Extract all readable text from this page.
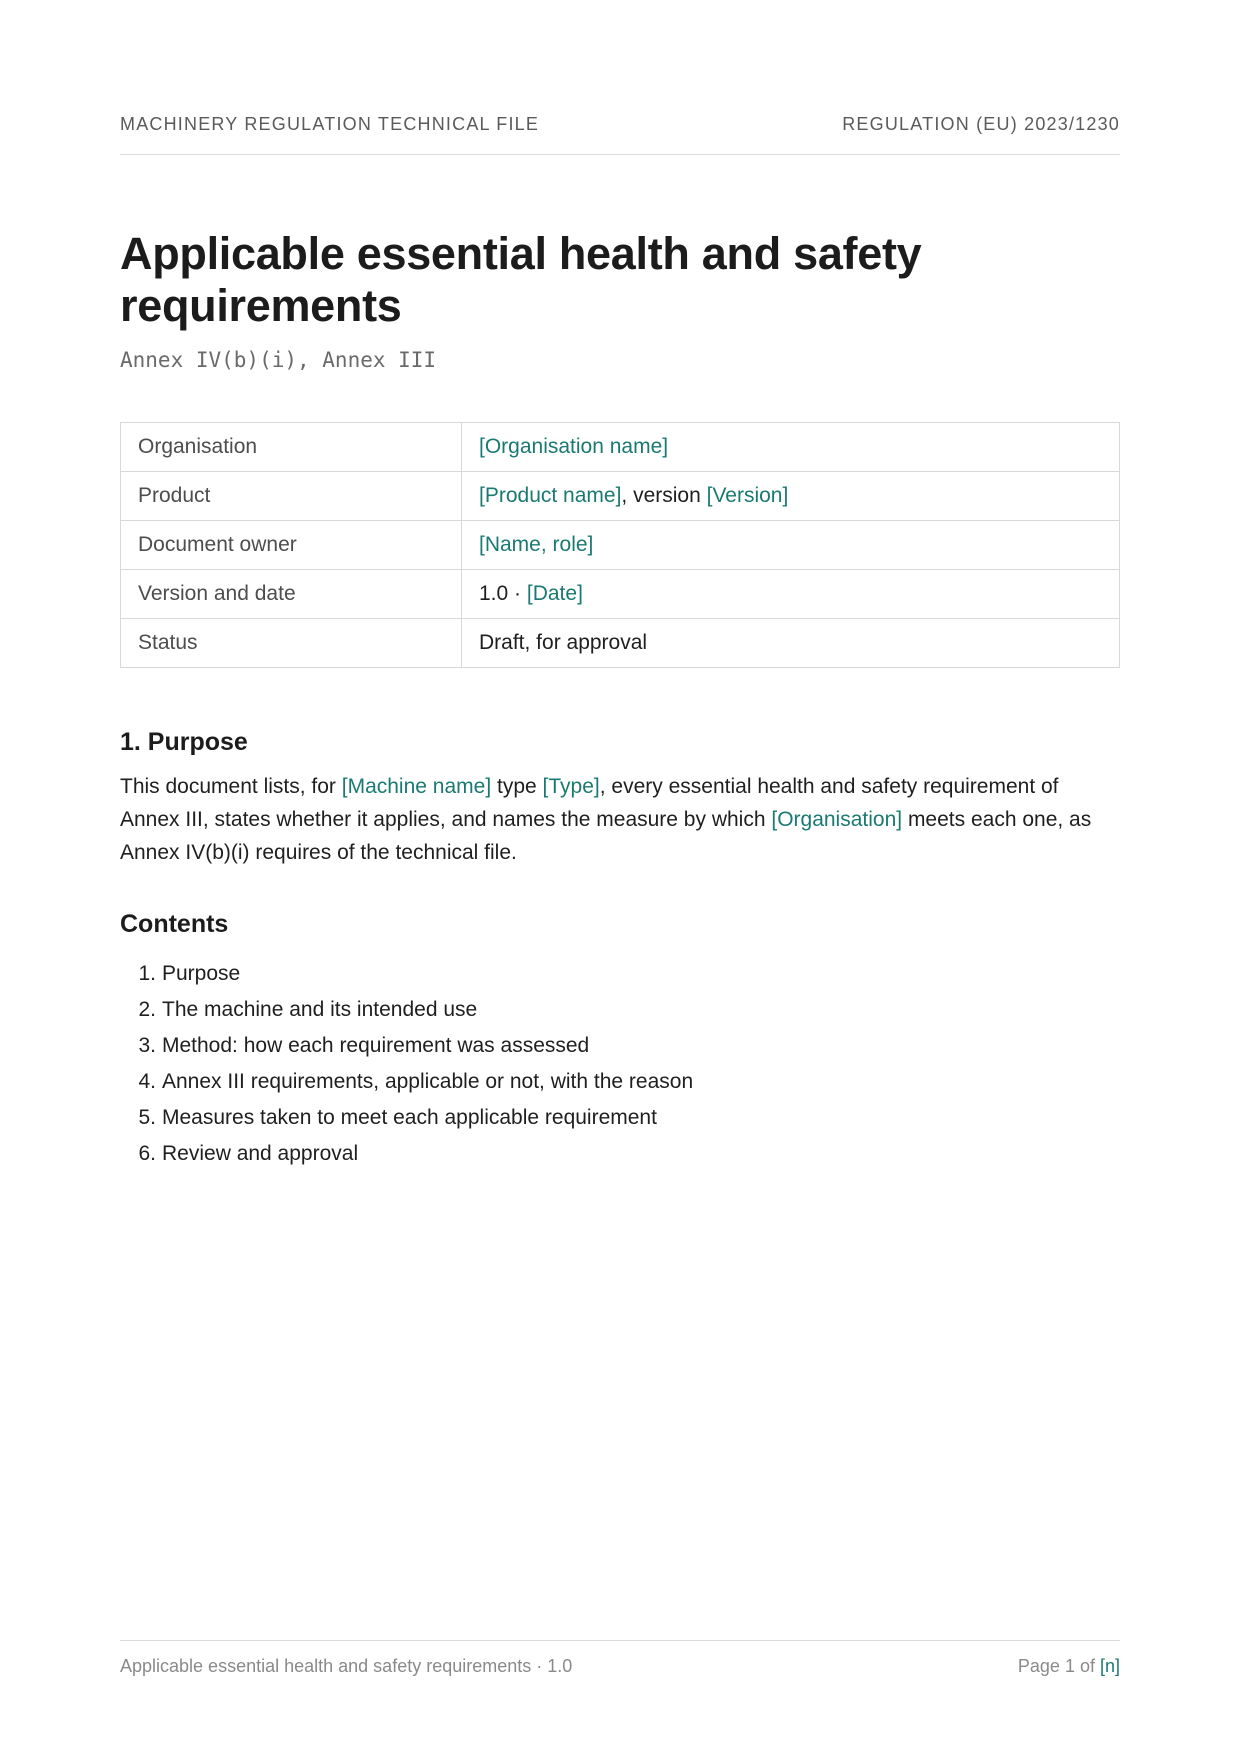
MACHINERY REGULATION TECHNICAL FILE	REGULATION (EU) 2023/1230
Applicable essential health and safety requirements
Annex IV(b)(i), Annex III
Organisation	[Organisation name]
Product	[Product name], version [Version]
Document owner	[Name, role]
Version and date	1.0 · [Date]
Status	Draft, for approval
1. Purpose

This document lists, for [Machine name] type [Type], every essential health and safety requirement of Annex III, states whether it applies, and names the measure by which [Organisation] meets each one, as Annex IV(b)(i) requires of the technical file.

Contents
1. Purpose
2. The machine and its intended use
3. Method: how each requirement was assessed
4. Annex III requirements, applicable or not, with the reason
5. Measures taken to meet each applicable requirement
6. Review and approval
Applicable essential health and safety requirements · 1.0	Page 1 of [n]
